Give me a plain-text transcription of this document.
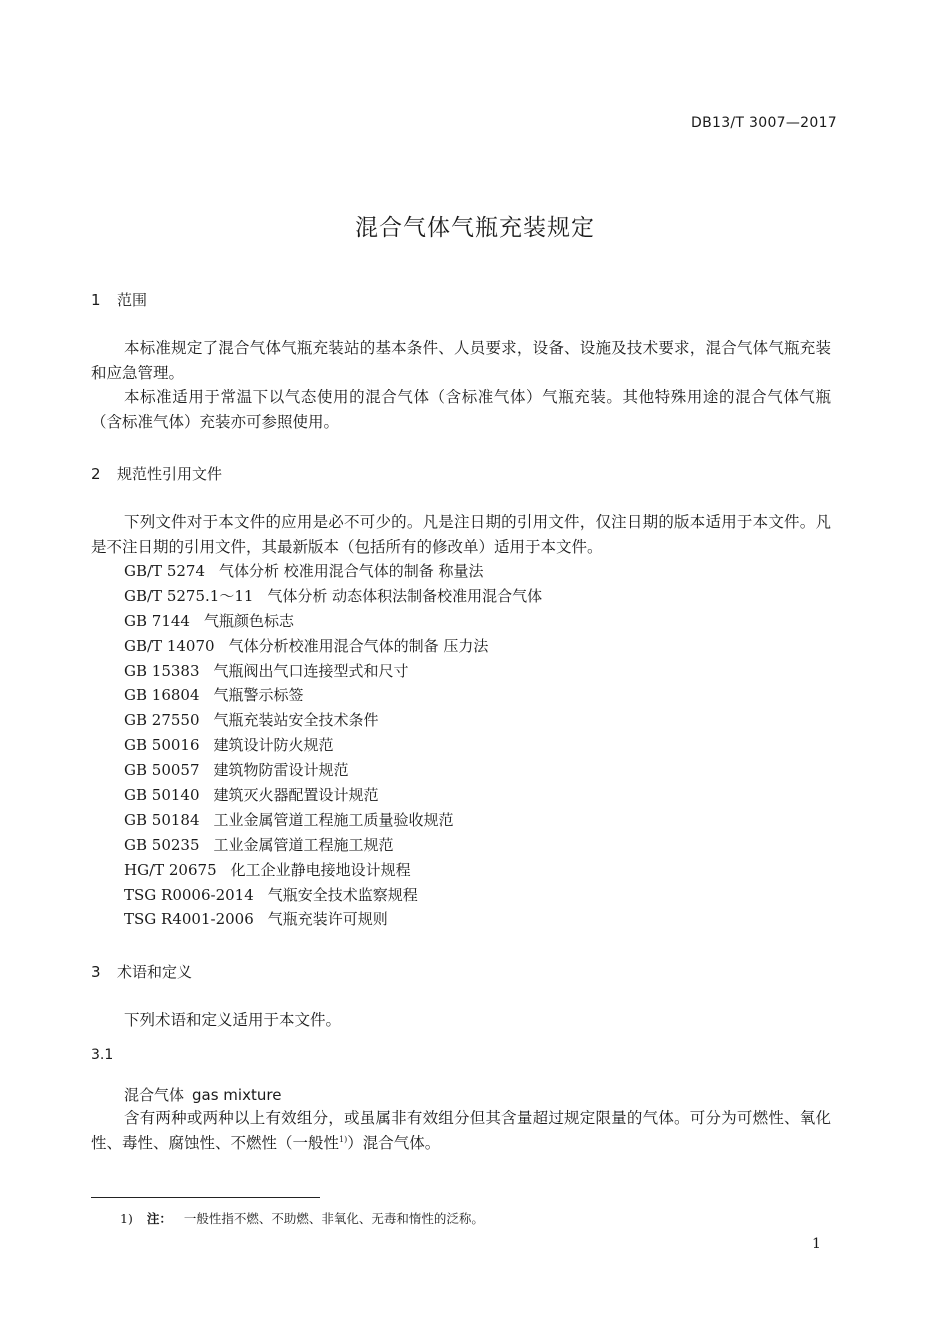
DB13/T 3007—2017
混合气体气瓶充装规定
1 范围
本标准规定了混合气体气瓶充装站的基本条件、人员要求，设备、设施及技术要求，混合气体气瓶充装和应急管理。
本标准适用于常温下以气态使用的混合气体（含标准气体）气瓶充装。其他特殊用途的混合气体气瓶（含标准气体）充装亦可参照使用。
2 规范性引用文件
下列文件对于本文件的应用是必不可少的。凡是注日期的引用文件，仅注日期的版本适用于本文件。凡是不注日期的引用文件，其最新版本（包括所有的修改单）适用于本文件。
GB/T 5274 气体分析 校准用混合气体的制备 称量法
GB/T 5275.1～11 气体分析 动态体积法制备校准用混合气体
GB 7144 气瓶颜色标志
GB/T 14070 气体分析校准用混合气体的制备 压力法
GB 15383 气瓶阀出气口连接型式和尺寸
GB 16804 气瓶警示标签
GB 27550 气瓶充装站安全技术条件
GB 50016 建筑设计防火规范
GB 50057 建筑物防雷设计规范
GB 50140 建筑灭火器配置设计规范
GB 50184 工业金属管道工程施工质量验收规范
GB 50235 工业金属管道工程施工规范
HG/T 20675 化工企业静电接地设计规程
TSG R0006-2014 气瓶安全技术监察规程
TSG R4001-2006 气瓶充装许可规则
3 术语和定义
下列术语和定义适用于本文件。
3.1
混合气体 gas mixture
含有两种或两种以上有效组分，或虽属非有效组分但其含量超过规定限量的气体。可分为可燃性、氧化性、毒性、腐蚀性、不燃性（一般性$^{1)}$）混合气体。
1) 注： 一般性指不燃、不助燃、非氧化、无毒和惰性的泛称。
1
